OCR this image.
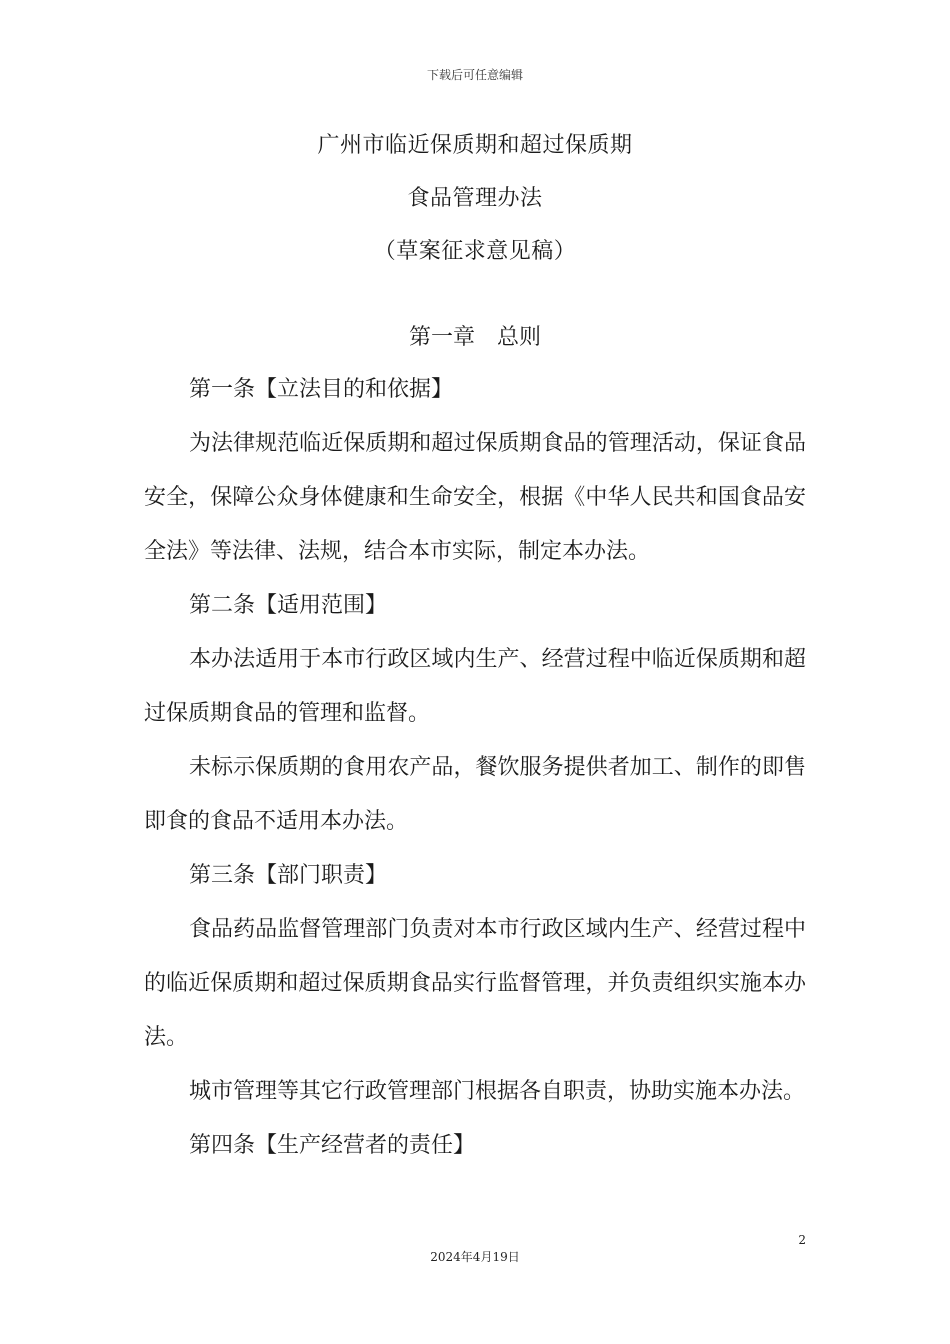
下载后可任意编辑
广州市临近保质期和超过保质期
食品管理办法
（草案征求意见稿）
第一章　总则

第一条【立法目的和依据】

为法律规范临近保质期和超过保质期食品的管理活动，保证食品安全，保障公众身体健康和生命安全，根据《中华人民共和国食品安全法》等法律、法规，结合本市实际，制定本办法。

第二条【适用范围】

本办法适用于本市行政区域内生产、经营过程中临近保质期和超过保质期食品的管理和监督。

未标示保质期的食用农产品，餐饮服务提供者加工、制作的即售即食的食品不适用本办法。

第三条【部门职责】

食品药品监督管理部门负责对本市行政区域内生产、经营过程中的临近保质期和超过保质期食品实行监督管理，并负责组织实施本办法。

城市管理等其它行政管理部门根据各自职责，协助实施本办法。

第四条【生产经营者的责任】

2
2024年4月19日
